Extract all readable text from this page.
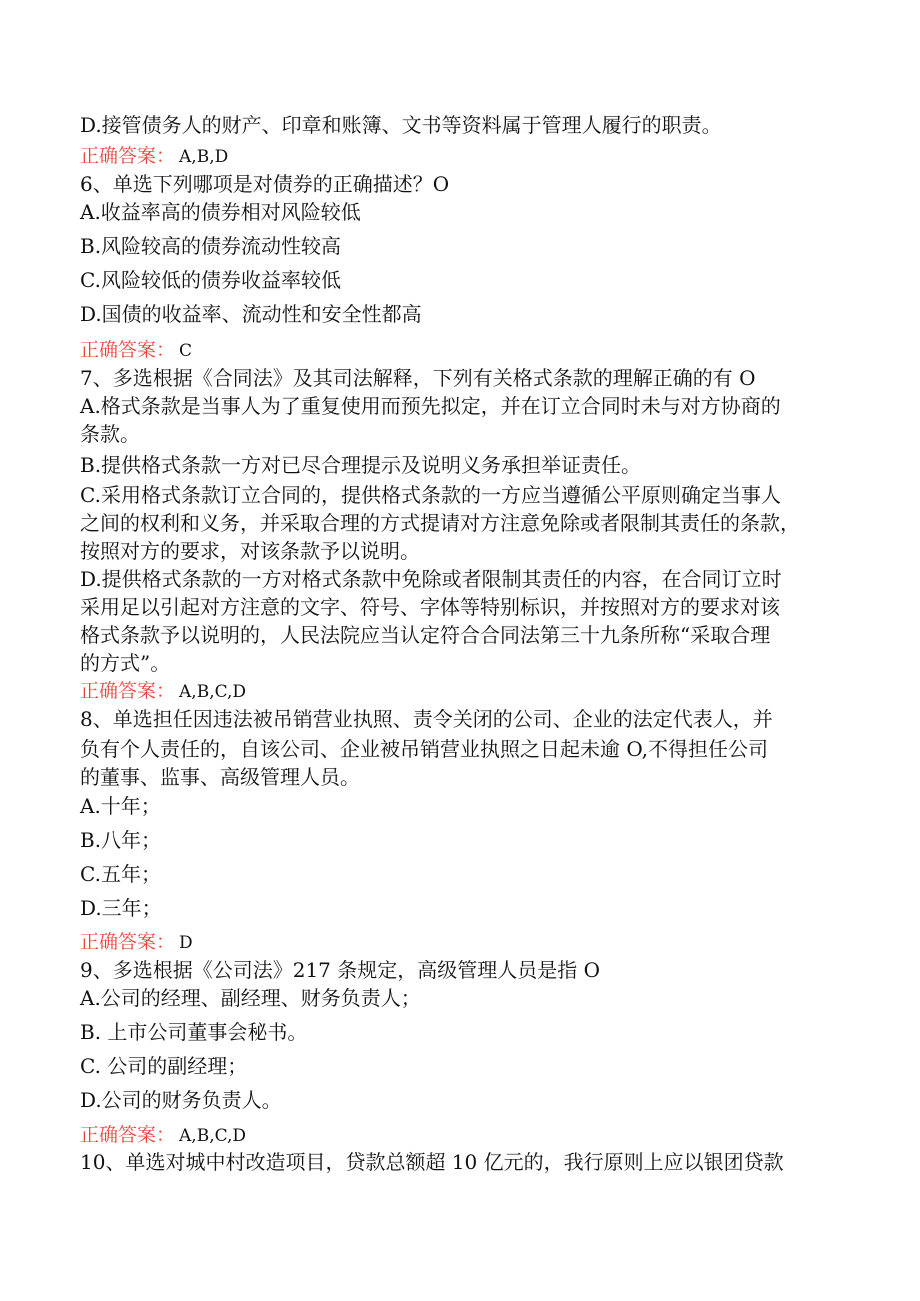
D.接管债务人的财产、印章和账簿、文书等资料属于管理人履行的职责。
正确答案： A,B,D
6、单选下列哪项是对债券的正确描述？O
A.收益率高的债券相对风险较低
B.风险较高的债券流动性较高
C.风险较低的债券收益率较低
D.国债的收益率、流动性和安全性都高
正确答案： C
7、多选根据《合同法》及其司法解释，下列有关格式条款的理解正确的有 O
A.格式条款是当事人为了重复使用而预先拟定，并在订立合同时未与对方协商的
条款。
B.提供格式条款一方对已尽合理提示及说明义务承担举证责任。
C.采用格式条款订立合同的，提供格式条款的一方应当遵循公平原则确定当事人
之间的权利和义务，并采取合理的方式提请对方注意免除或者限制其责任的条款，
按照对方的要求，对该条款予以说明。
D.提供格式条款的一方对格式条款中免除或者限制其责任的内容，在合同订立时
采用足以引起对方注意的文字、符号、字体等特别标识，并按照对方的要求对该
格式条款予以说明的，人民法院应当认定符合合同法第三十九条所称“采取合理
的方式”。
正确答案： A,B,C,D
8、单选担任因违法被吊销营业执照、责令关闭的公司、企业的法定代表人，并
负有个人责任的，自该公司、企业被吊销营业执照之日起未逾 O,不得担任公司
的董事、监事、高级管理人员。
A.十年；
B.八年；
C.五年；
D.三年；
正确答案： D
9、多选根据《公司法》217 条规定，高级管理人员是指 O
A.公司的经理、副经理、财务负责人；
B. 上市公司董事会秘书。
C. 公司的副经理；
D.公司的财务负责人。
正确答案： A,B,C,D
10、单选对城中村改造项目，贷款总额超 10 亿元的，我行原则上应以银团贷款
